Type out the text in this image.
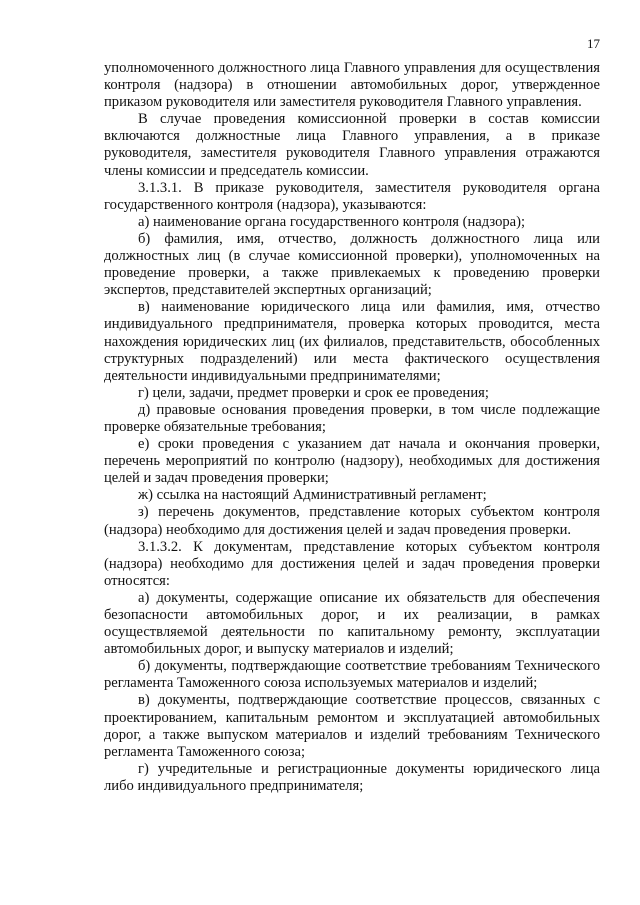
17

уполномоченного должностного лица Главного управления для осуществления контроля (надзора) в отношении автомобильных дорог, утвержденное приказом руководителя или заместителя руководителя Главного управления.

В случае проведения комиссионной проверки в состав комиссии включаются должностные лица Главного управления, а в приказе руководителя, заместителя руководителя Главного управления отражаются члены комиссии и председатель комиссии.

3.1.3.1. В приказе руководителя, заместителя руководителя органа государственного контроля (надзора), указываются:

а) наименование органа государственного контроля (надзора);

б) фамилия, имя, отчество, должность должностного лица или должностных лиц (в случае комиссионной проверки), уполномоченных на проведение проверки, а также привлекаемых к проведению проверки экспертов, представителей экспертных организаций;

в) наименование юридического лица или фамилия, имя, отчество индивидуального предпринимателя, проверка которых проводится, места нахождения юридических лиц (их филиалов, представительств, обособленных структурных подразделений) или места фактического осуществления деятельности индивидуальными предпринимателями;

г) цели, задачи, предмет проверки и срок ее проведения;

д) правовые основания проведения проверки, в том числе подлежащие проверке обязательные требования;

е) сроки проведения с указанием дат начала и окончания проверки, перечень мероприятий по контролю (надзору), необходимых для достижения целей и задач проведения проверки;

ж) ссылка на настоящий Административный регламент;

з) перечень документов, представление которых субъектом контроля (надзора) необходимо для достижения целей и задач проведения проверки.

3.1.3.2. К документам, представление которых субъектом контроля (надзора) необходимо для достижения целей и задач проведения проверки относятся:

а) документы, содержащие описание их обязательств для обеспечения безопасности автомобильных дорог, и их реализации, в рамках осуществляемой деятельности по капитальному ремонту, эксплуатации автомобильных дорог, и выпуску материалов и изделий;

б) документы, подтверждающие соответствие требованиям Технического регламента Таможенного союза используемых материалов и изделий;

в) документы, подтверждающие соответствие процессов, связанных с проектированием, капитальным ремонтом и эксплуатацией автомобильных дорог, а также выпуском материалов и изделий требованиям Технического регламента Таможенного союза;

г) учредительные и регистрационные документы юридического лица либо индивидуального предпринимателя;
